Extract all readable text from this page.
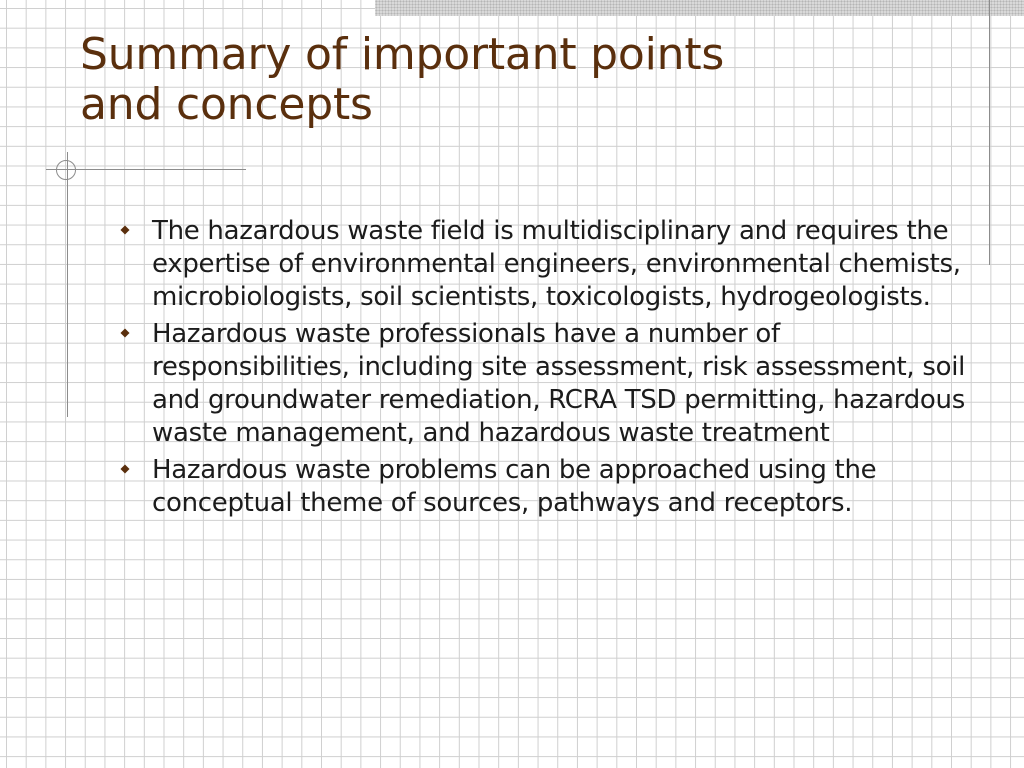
Summary of important points
and concepts
The hazardous waste field is multidisciplinary and requires the expertise of environmental engineers, environmental chemists, microbiologists, soil scientists, toxicologists, hydrogeologists.
Hazardous waste professionals have a number of responsibilities, including site assessment, risk assessment, soil and groundwater remediation, RCRA TSD permitting, hazardous waste management, and hazardous waste treatment
Hazardous waste problems can be approached using the conceptual theme of sources, pathways and receptors.
